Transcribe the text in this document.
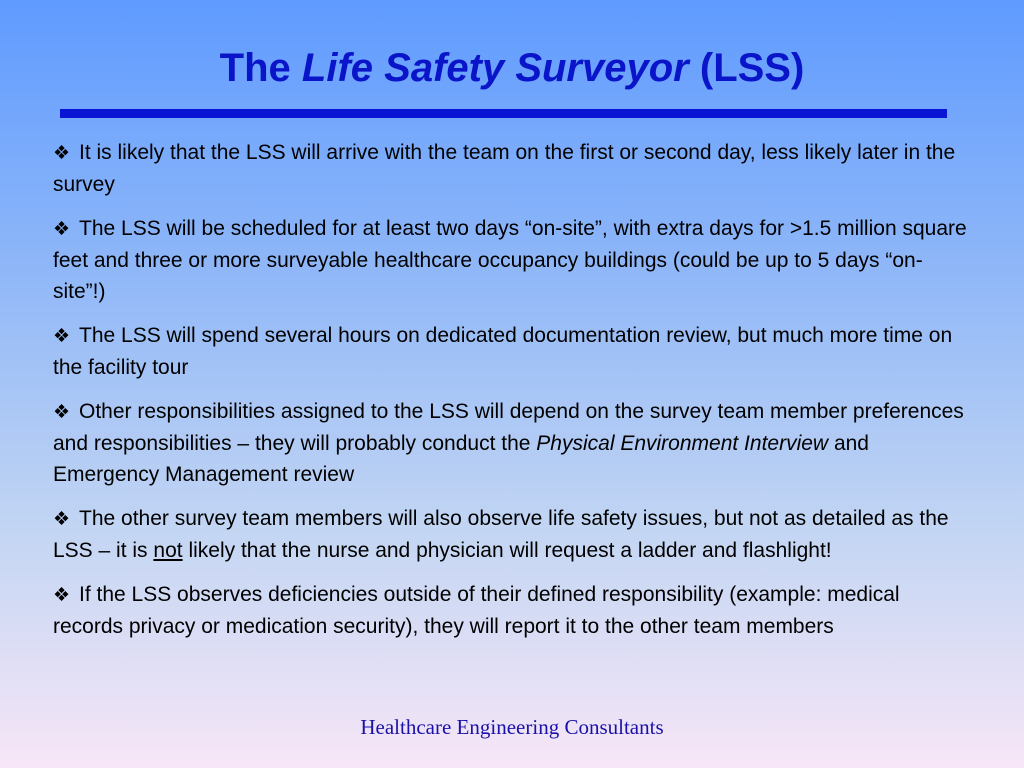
The Life Safety Surveyor (LSS)
❖ It is likely that the LSS will arrive with the team on the first or second day, less likely later in the survey
❖ The LSS will be scheduled for at least two days “on-site”, with extra days for >1.5 million square feet and three or more surveyable healthcare occupancy buildings (could be up to 5 days “on-site”!)
❖ The LSS will spend several hours on dedicated documentation review, but much more time on the facility tour
❖ Other responsibilities assigned to the LSS will depend on the survey team member preferences and responsibilities – they will probably conduct the Physical Environment Interview and Emergency Management review
❖ The other survey team members will also observe life safety issues, but not as detailed as the LSS – it is not likely that the nurse and physician will request a ladder and flashlight!
❖ If the LSS observes deficiencies outside of their defined responsibility (example: medical records privacy or medication security), they will report it to the other team members
Healthcare Engineering Consultants
